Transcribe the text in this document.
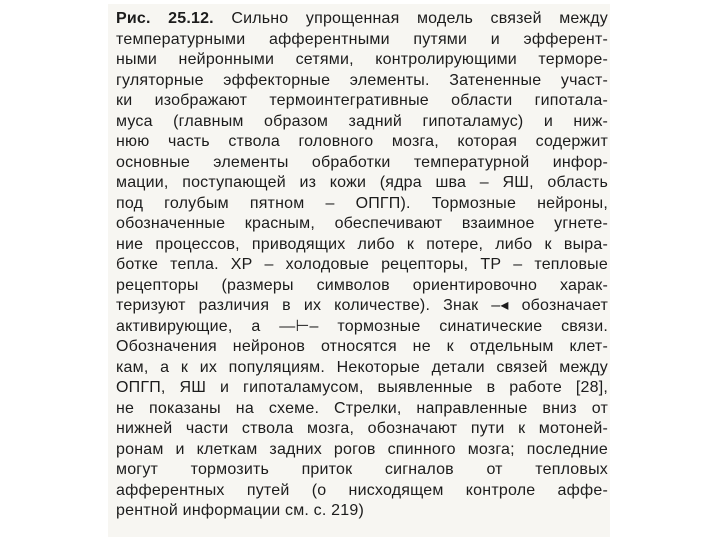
Рис. 25.12. Сильно упрощенная модель связей между
температурными афферентными путями и эфферент-
ными нейронными сетями, контролирующими терморе-
гуляторные эффекторные элементы. Затененные участ-
ки изображают термоинтегративные области гипотала-
муса (главным образом задний гипоталамус) и ниж-
нюю часть ствола головного мозга, которая содержит
основные элементы обработки температурной инфор-
мации, поступающей из кожи (ядра шва – ЯШ, область
под голубым пятном – ОПГП). Тормозные нейроны,
обозначенные красным, обеспечивают взаимное угнете-
ние процессов, приводящих либо к потере, либо к выра-
ботке тепла. ХР – холодовые рецепторы, ТР – тепловые
рецепторы (размеры символов ориентировочно харак-
теризуют различия в их количестве). Знак –◂ обозначает
активирующие, а —⊢– тормозные синатические связи.
Обозначения нейронов относятся не к отдельным клет-
кам, а к их популяциям. Некоторые детали связей между
ОПГП, ЯШ и гипоталамусом, выявленные в работе [28],
не показаны на схеме. Стрелки, направленные вниз от
нижней части ствола мозга, обозначают пути к мотоней-
ронам и клеткам задних рогов спинного мозга; последние
могут тормозить приток сигналов от тепловых
афферентных путей (о нисходящем контроле аффе-
рентной информации см. с. 219)
